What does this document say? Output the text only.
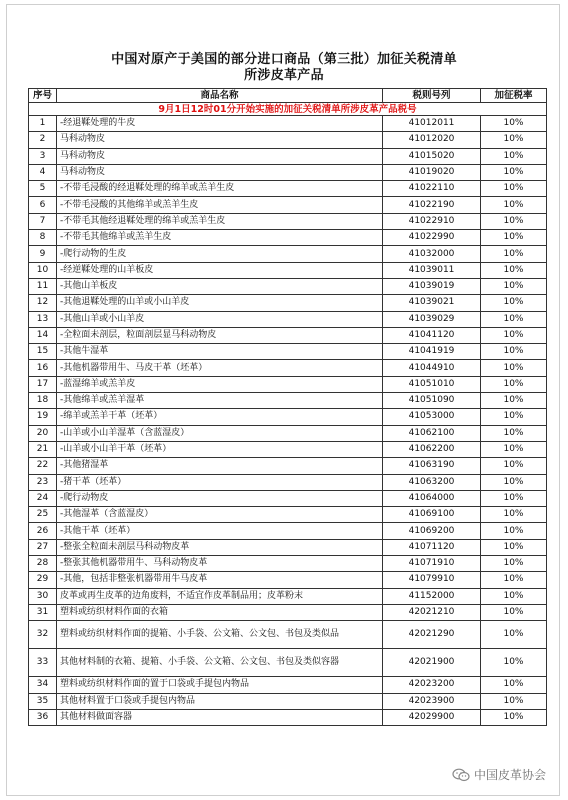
中国对原产于美国的部分进口商品（第三批）加征关税清单
所涉皮革产品
序号	商品名称	税则号列	加征税率
9月1日12时01分开始实施的加征关税清单所涉皮革产品税号			
1	-经退鞣处理的牛皮	41012011	10%
2	马科动物皮	41012020	10%
3	马科动物皮	41015020	10%
4	马科动物皮	41019020	10%
5	-不带毛浸酸的经退鞣处理的绵羊或羔羊生皮	41022110	10%
6	-不带毛浸酸的其他绵羊或羔羊生皮	41022190	10%
7	-不带毛其他经退鞣处理的绵羊或羔羊生皮	41022910	10%
8	-不带毛其他绵羊或羔羊生皮	41022990	10%
9	-爬行动物的生皮	41032000	10%
10	-经逆鞣处理的山羊板皮	41039011	10%
11	-其他山羊板皮	41039019	10%
12	-其他退鞣处理的山羊或小山羊皮	41039021	10%
13	-其他山羊或小山羊皮	41039029	10%
14	-全粒面未剖层，粒面剖层显马科动物皮	41041120	10%
15	-其他牛湿革	41041919	10%
16	-其他机器带用牛、马皮干革（坯革）	41044910	10%
17	-蓝湿绵羊或羔羊皮	41051010	10%
18	-其他绵羊或羔羊湿革	41051090	10%
19	-绵羊或羔羊干革（坯革）	41053000	10%
20	-山羊或小山羊湿革（含蓝湿皮）	41062100	10%
21	-山羊或小山羊干革（坯革）	41062200	10%
22	-其他猪湿革	41063190	10%
23	-猪干革（坯革）	41063200	10%
24	-爬行动物皮	41064000	10%
25	-其他湿革（含蓝湿皮）	41069100	10%
26	-其他干革（坯革）	41069200	10%
27	-整张全粒面未剖层马科动物皮革	41071120	10%
28	-整张其他机器带用牛、马科动物皮革	41071910	10%
29	-其他，包括非整张机器带用牛马皮革	41079910	10%
30	皮革或再生皮革的边角废料，不适宜作皮革制品用；皮革粉末	41152000	10%
31	塑料或纺织材料作面的衣箱	42021210	10%
32	塑料或纺织材料作面的提箱、小手袋、公文箱、公文包、书包及类似品	42021290	10%
33	其他材料制的衣箱、提箱、小手袋、公文箱、公文包、书包及类似容器	42021900	10%
34	塑料或纺织材料作面的置于口袋或手提包内物品	42023200	10%
35	其他材料置于口袋或手提包内物品	42023900	10%
36	其他材料做面容器	42029900	10%
中国皮革协会
